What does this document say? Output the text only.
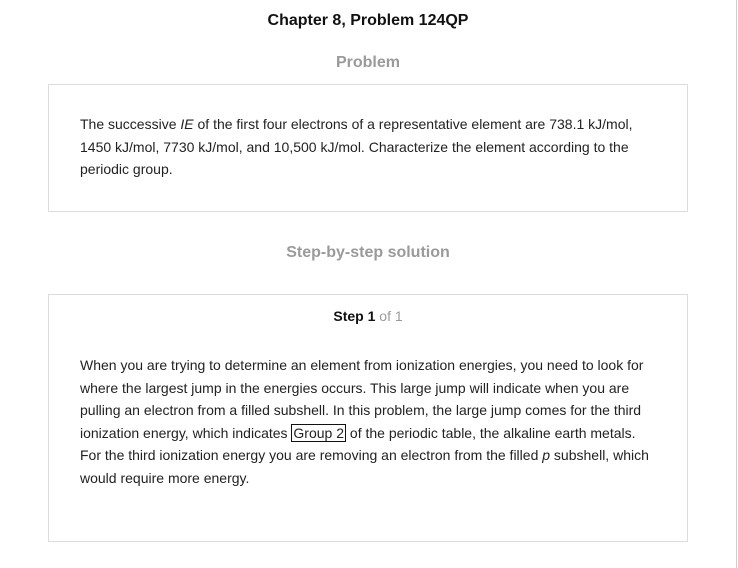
Chapter 8, Problem 124QP
Problem
The successive IE of the first four electrons of a representative element are 738.1 kJ/mol,
1450 kJ/mol, 7730 kJ/mol, and 10,500 kJ/mol. Characterize the element according to the
periodic group.
Step-by-step solution
Step 1 of 1
When you are trying to determine an element from ionization energies, you need to look for
where the largest jump in the energies occurs. This large jump will indicate when you are
pulling an electron from a filled subshell. In this problem, the large jump comes for the third
ionization energy, which indicates Group 2 of the periodic table, the alkaline earth metals.
For the third ionization energy you are removing an electron from the filled p subshell, which
would require more energy.
